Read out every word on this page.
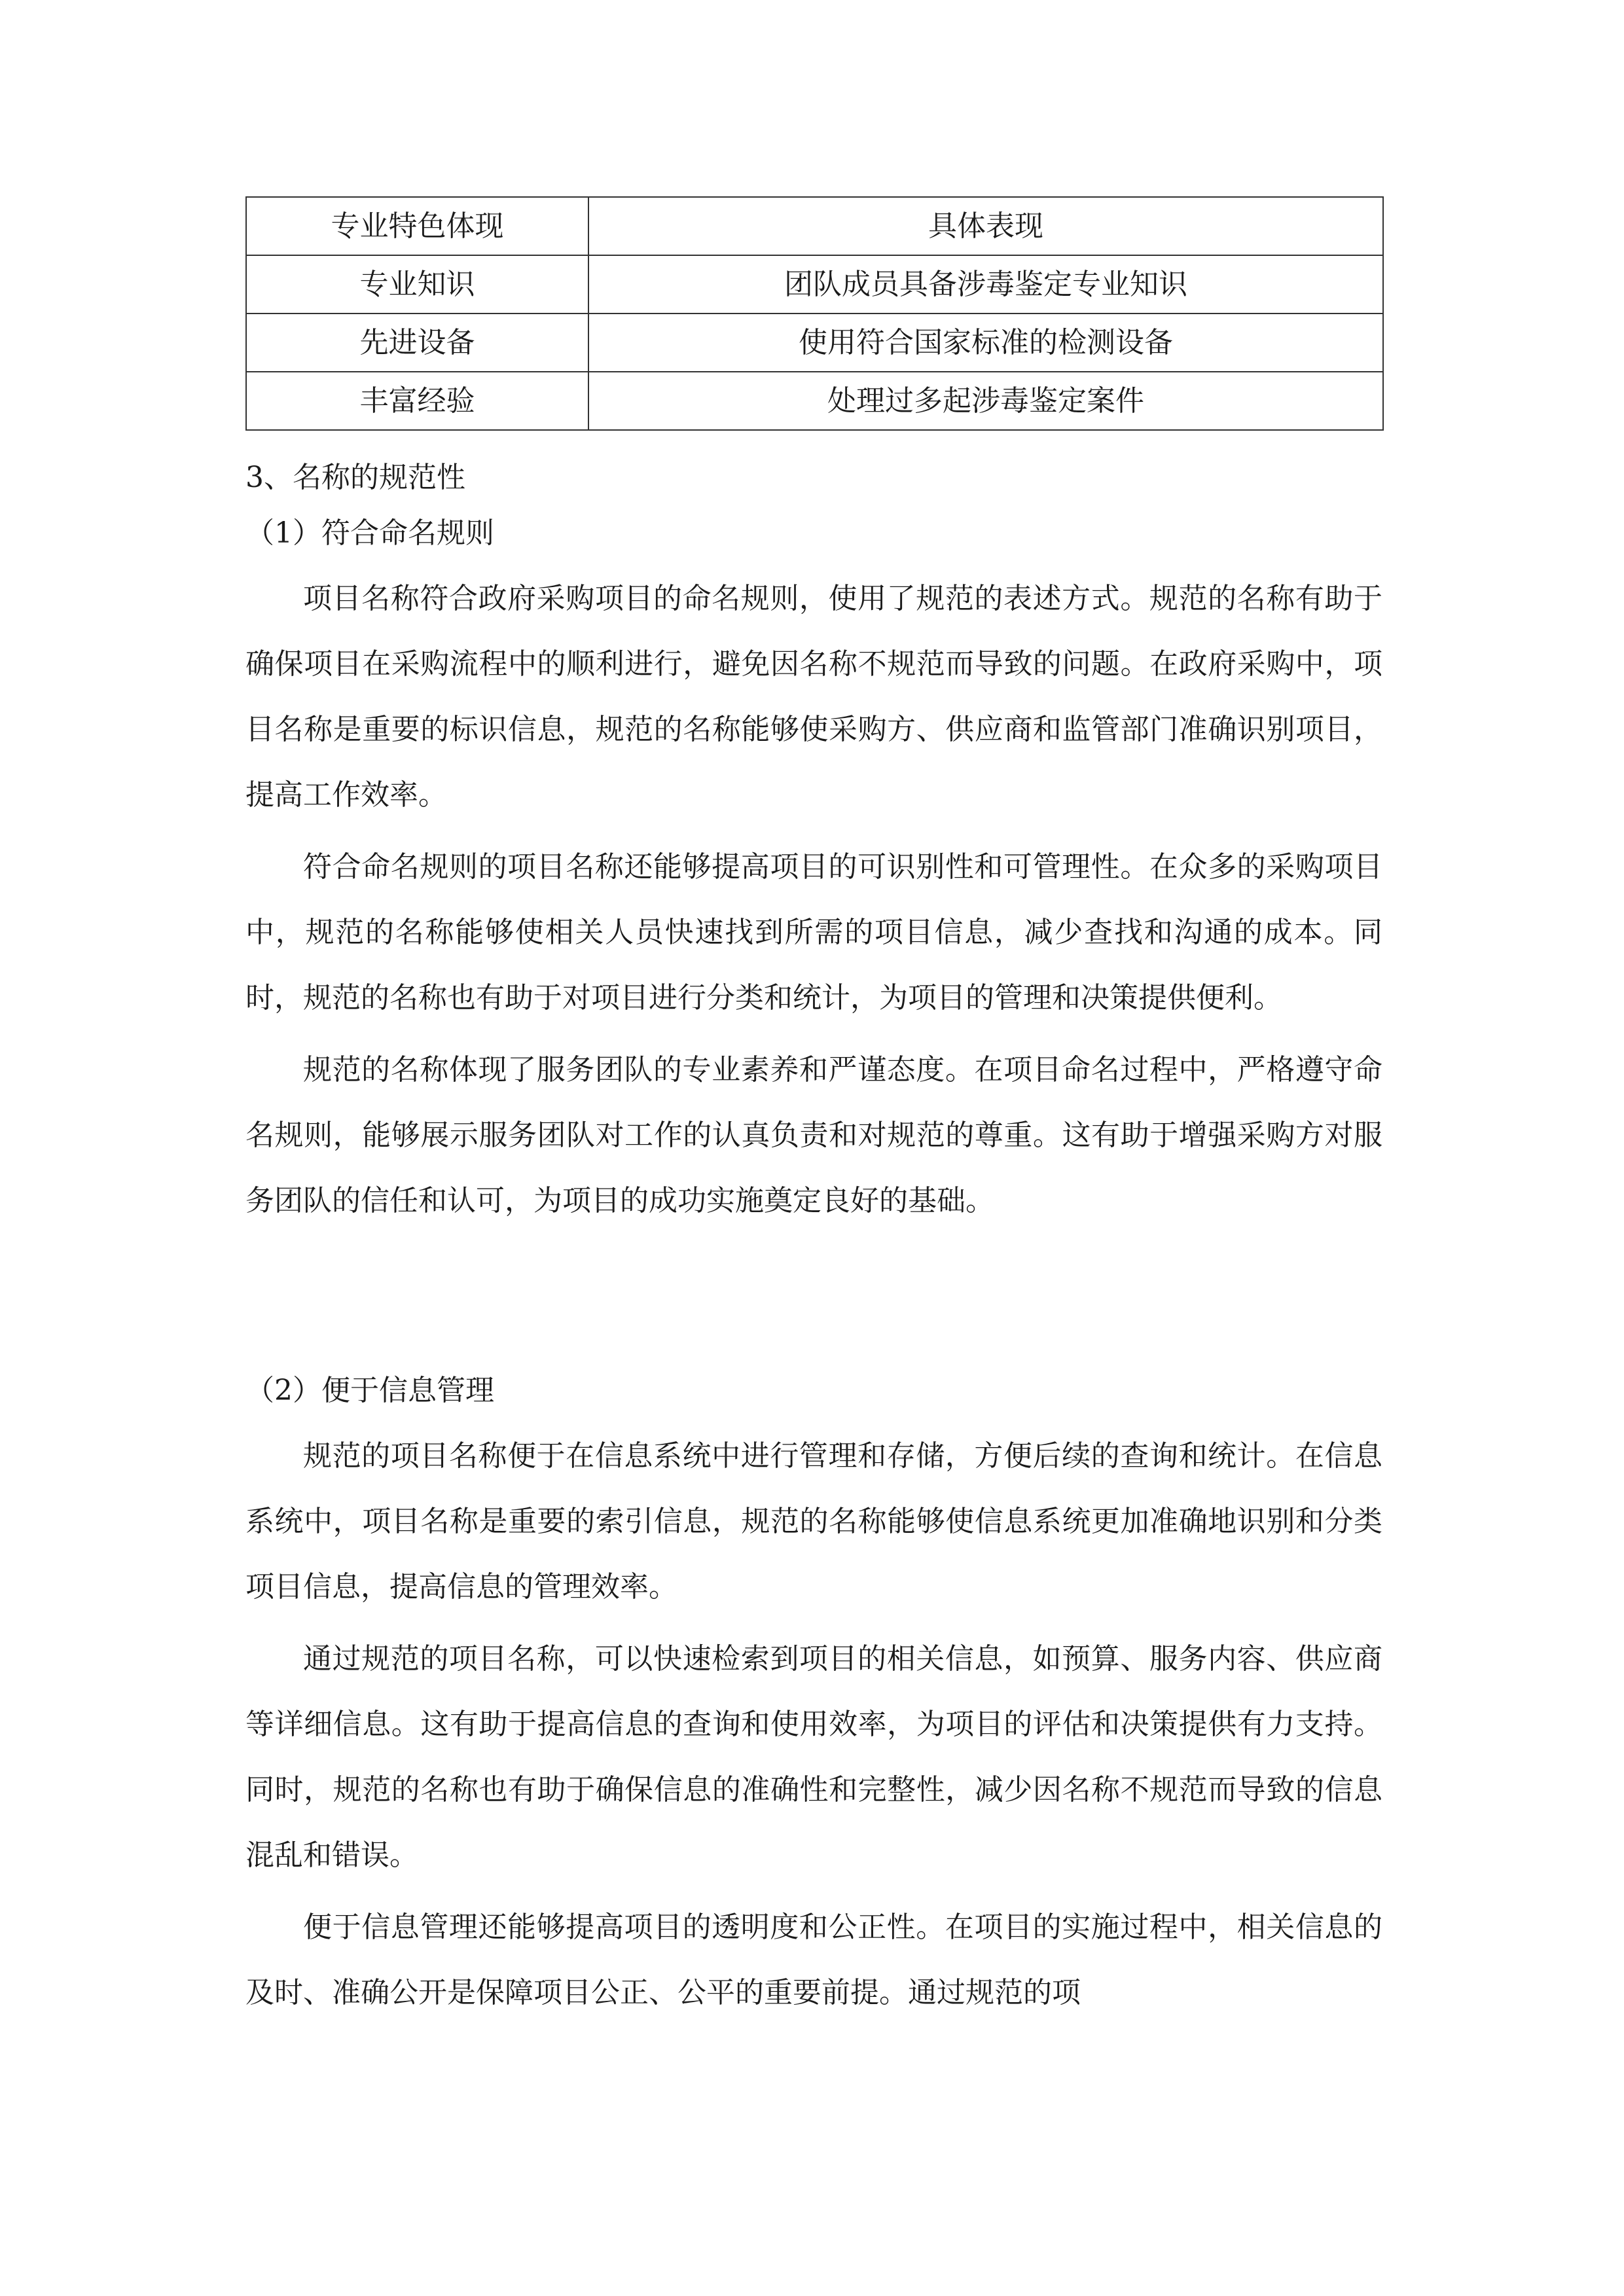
专业特色体现	具体表现
专业知识	团队成员具备涉毒鉴定专业知识
先进设备	使用符合国家标准的检测设备
丰富经验	处理过多起涉毒鉴定案件
3、名称的规范性
（1）符合命名规则

项目名称符合政府采购项目的命名规则，使用了规范的表述方式。规范的名称有助于确保项目在采购流程中的顺利进行，避免因名称不规范而导致的问题。在政府采购中，项目名称是重要的标识信息，规范的名称能够使采购方、供应商和监管部门准确识别项目，提高工作效率。

符合命名规则的项目名称还能够提高项目的可识别性和可管理性。在众多的采购项目中，规范的名称能够使相关人员快速找到所需的项目信息，减少查找和沟通的成本。同时，规范的名称也有助于对项目进行分类和统计，为项目的管理和决策提供便利。

规范的名称体现了服务团队的专业素养和严谨态度。在项目命名过程中，严格遵守命名规则，能够展示服务团队对工作的认真负责和对规范的尊重。这有助于增强采购方对服务团队的信任和认可，为项目的成功实施奠定良好的基础。

（2）便于信息管理

规范的项目名称便于在信息系统中进行管理和存储，方便后续的查询和统计。在信息系统中，项目名称是重要的索引信息，规范的名称能够使信息系统更加准确地识别和分类项目信息，提高信息的管理效率。

通过规范的项目名称，可以快速检索到项目的相关信息，如预算、服务内容、供应商等详细信息。这有助于提高信息的查询和使用效率，为项目的评估和决策提供有力支持。同时，规范的名称也有助于确保信息的准确性和完整性，减少因名称不规范而导致的信息混乱和错误。

便于信息管理还能够提高项目的透明度和公正性。在项目的实施过程中，相关信息的及时、准确公开是保障项目公正、公平的重要前提。通过规范的项
